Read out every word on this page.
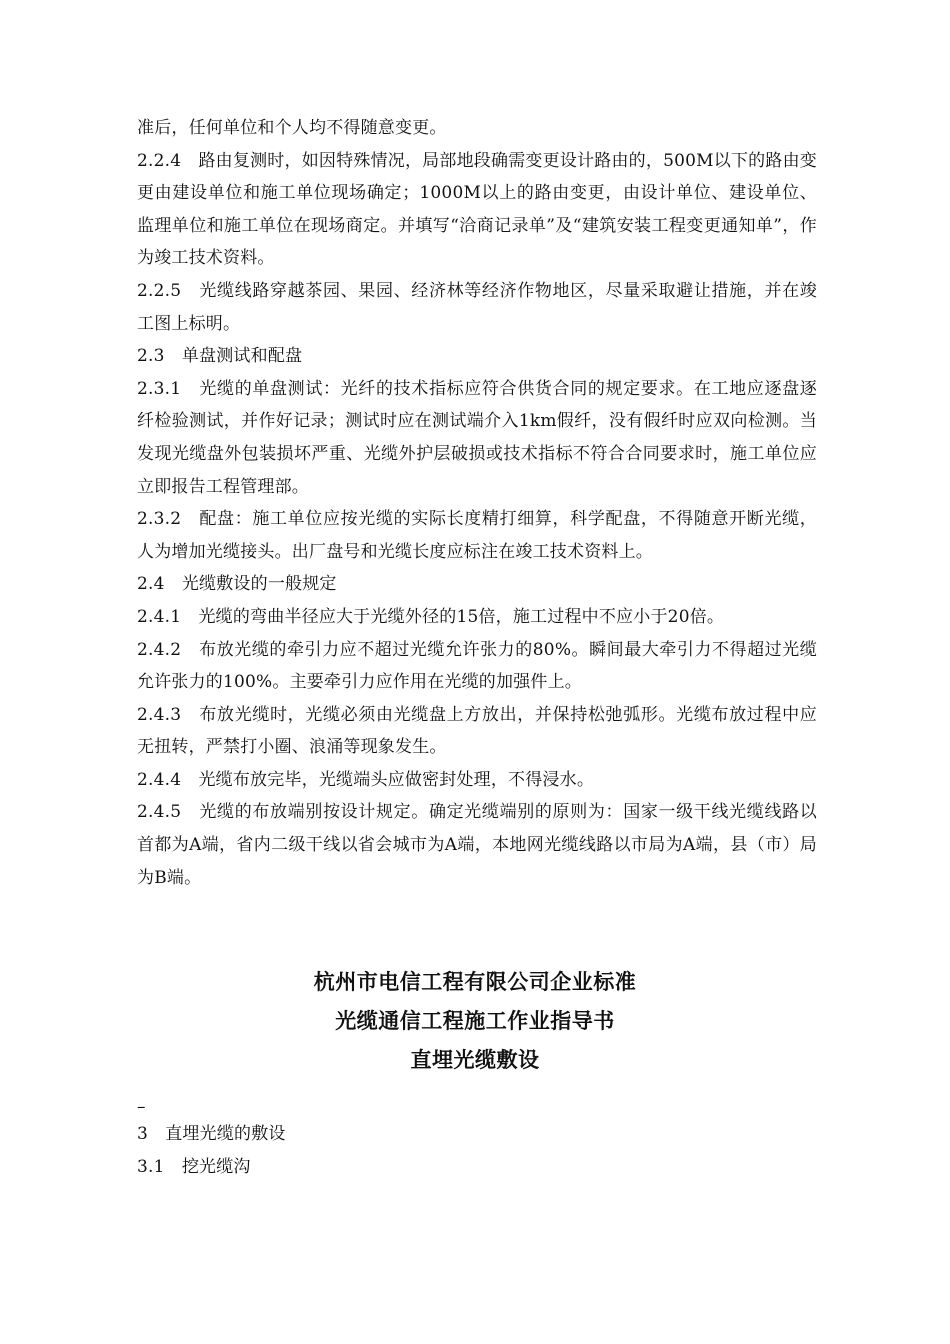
准后，任何单位和个人均不得随意变更。

2.2.4　路由复测时，如因特殊情况，局部地段确需变更设计路由的，500M以下的路由变更由建设单位和施工单位现场确定；1000M以上的路由变更，由设计单位、建设单位、监理单位和施工单位在现场商定。并填写“洽商记录单”及“建筑安装工程变更通知单”，作为竣工技术资料。

2.2.5　光缆线路穿越茶园、果园、经济林等经济作物地区，尽量采取避让措施，并在竣工图上标明。

2.3　单盘测试和配盘

2.3.1　光缆的单盘测试：光纤的技术指标应符合供货合同的规定要求。在工地应逐盘逐纤检验测试，并作好记录；测试时应在测试端介入1km假纤，没有假纤时应双向检测。当发现光缆盘外包装损坏严重、光缆外护层破损或技术指标不符合合同要求时，施工单位应立即报告工程管理部。

2.3.2　配盘：施工单位应按光缆的实际长度精打细算，科学配盘，不得随意开断光缆，人为增加光缆接头。出厂盘号和光缆长度应标注在竣工技术资料上。

2.4　光缆敷设的一般规定

2.4.1　光缆的弯曲半径应大于光缆外径的15倍，施工过程中不应小于20倍。

2.4.2　布放光缆的牵引力应不超过光缆允许张力的80%。瞬间最大牵引力不得超过光缆允许张力的100%。主要牵引力应作用在光缆的加强件上。

2.4.3　布放光缆时，光缆必须由光缆盘上方放出，并保持松弛弧形。光缆布放过程中应无扭转，严禁打小圈、浪涌等现象发生。

2.4.4　光缆布放完毕，光缆端头应做密封处理，不得浸水。

2.4.5　光缆的布放端别按设计规定。确定光缆端别的原则为：国家一级干线光缆线路以首都为A端，省内二级干线以省会城市为A端，本地网光缆线路以市局为A端，县（市）局为B端。

杭州市电信工程有限公司企业标准

光缆通信工程施工作业指导书

直埋光缆敷设

–

3　直埋光缆的敷设

3.1　挖光缆沟
